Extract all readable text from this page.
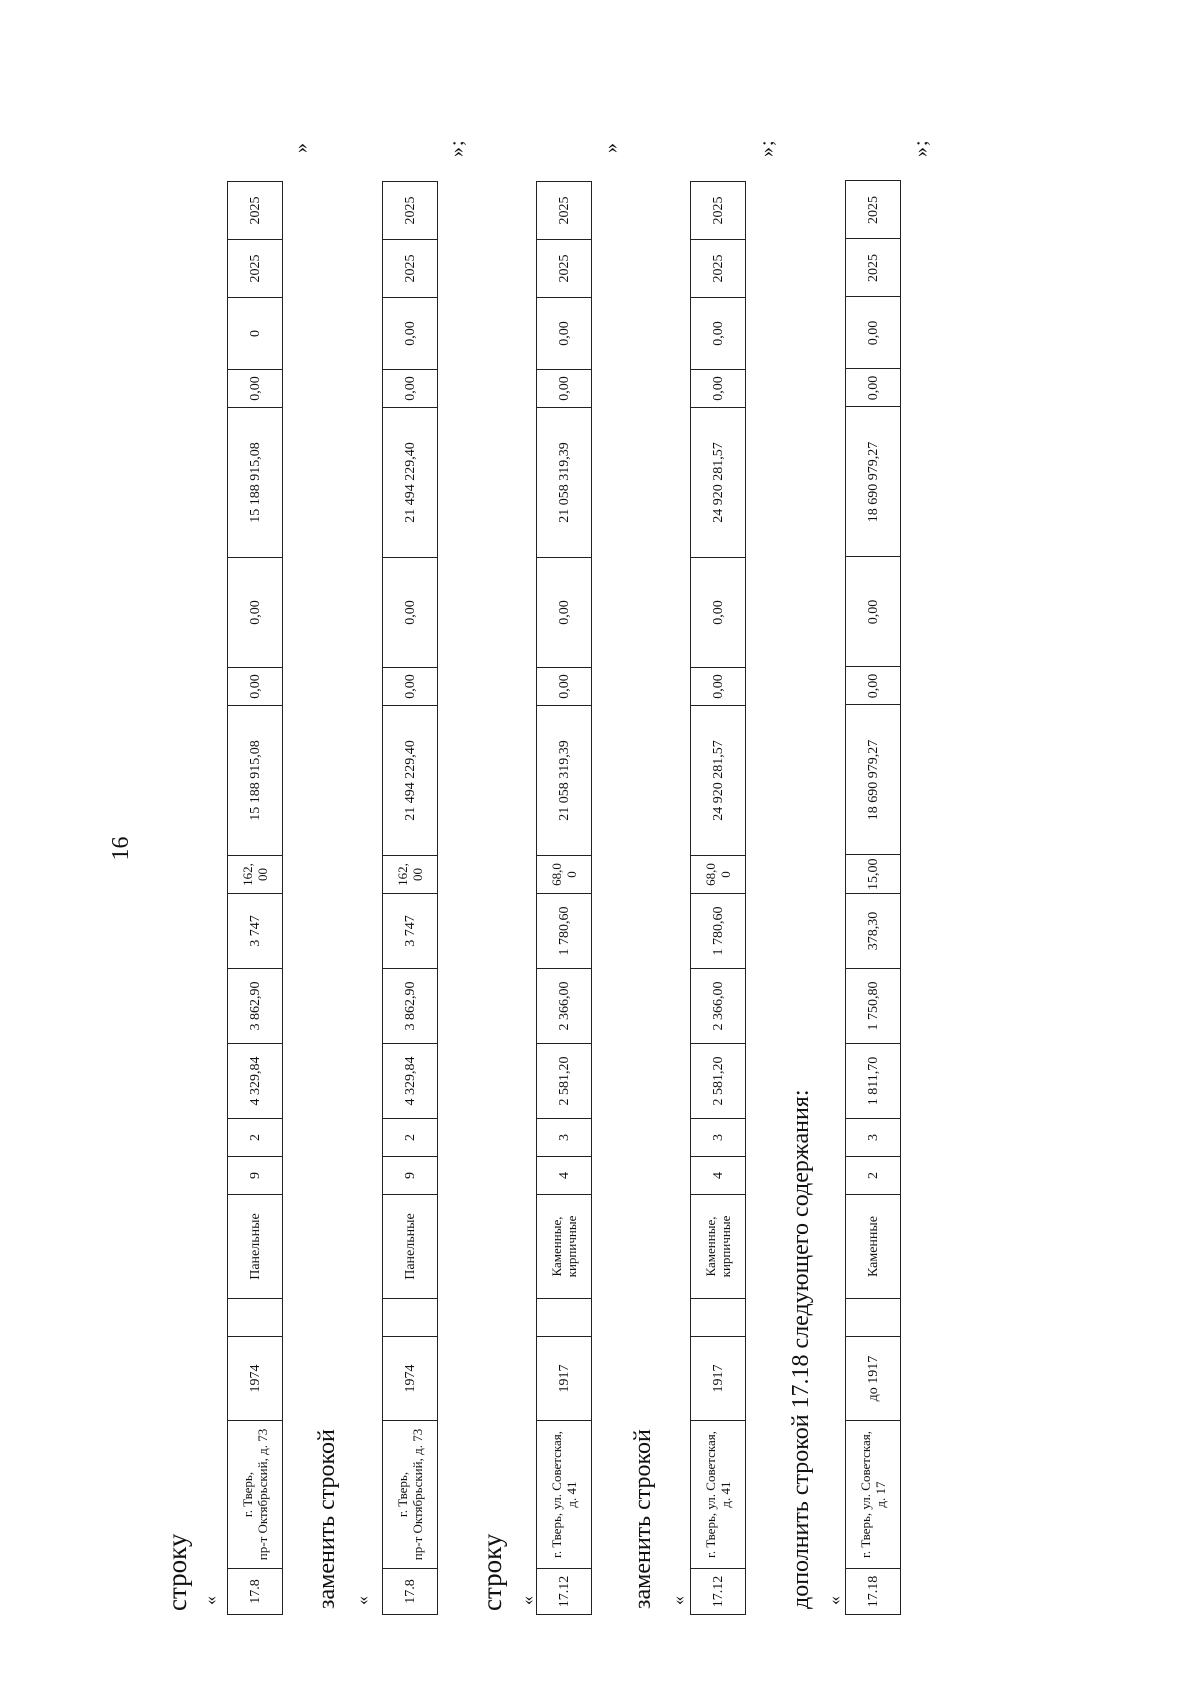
16
строку « 17.8	г. Тверь,
пр-т Октябрьский, д. 73	1974		Панельные	9	2	4 329,84	3 862,90	3 747	162,
00	15 188 915,08	0,00	0,00	15 188 915,08	0,00	0	2025	2025
»
заменить строкой « 17.8	г. Тверь,
пр-т Октябрьский, д. 73	1974		Панельные	9	2	4 329,84	3 862,90	3 747	162,
00	21 494 229,40	0,00	0,00	21 494 229,40	0,00	0,00	2025	2025
»;
строку « 17.12	г. Тверь, ул. Советская,
д. 41	1917		Каменные,
кирпичные	4	3	2 581,20	2 366,00	1 780,60	68,0
0	21 058 319,39	0,00	0,00	21 058 319,39	0,00	0,00	2025	2025
»
заменить строкой « 17.12	г. Тверь, ул. Советская,
д. 41	1917		Каменные,
кирпичные	4	3	2 581,20	2 366,00	1 780,60	68,0
0	24 920 281,57	0,00	0,00	24 920 281,57	0,00	0,00	2025	2025
»;
дополнить строкой 17.18 следующего содержания: « 17.18	г. Тверь, ул. Советская,
д. 17	до 1917		Каменные	2	3	1 811,70	1 750,80	378,30	15,00	18 690 979,27	0,00	0,00	18 690 979,27	0,00	0,00	2025	2025
»;
